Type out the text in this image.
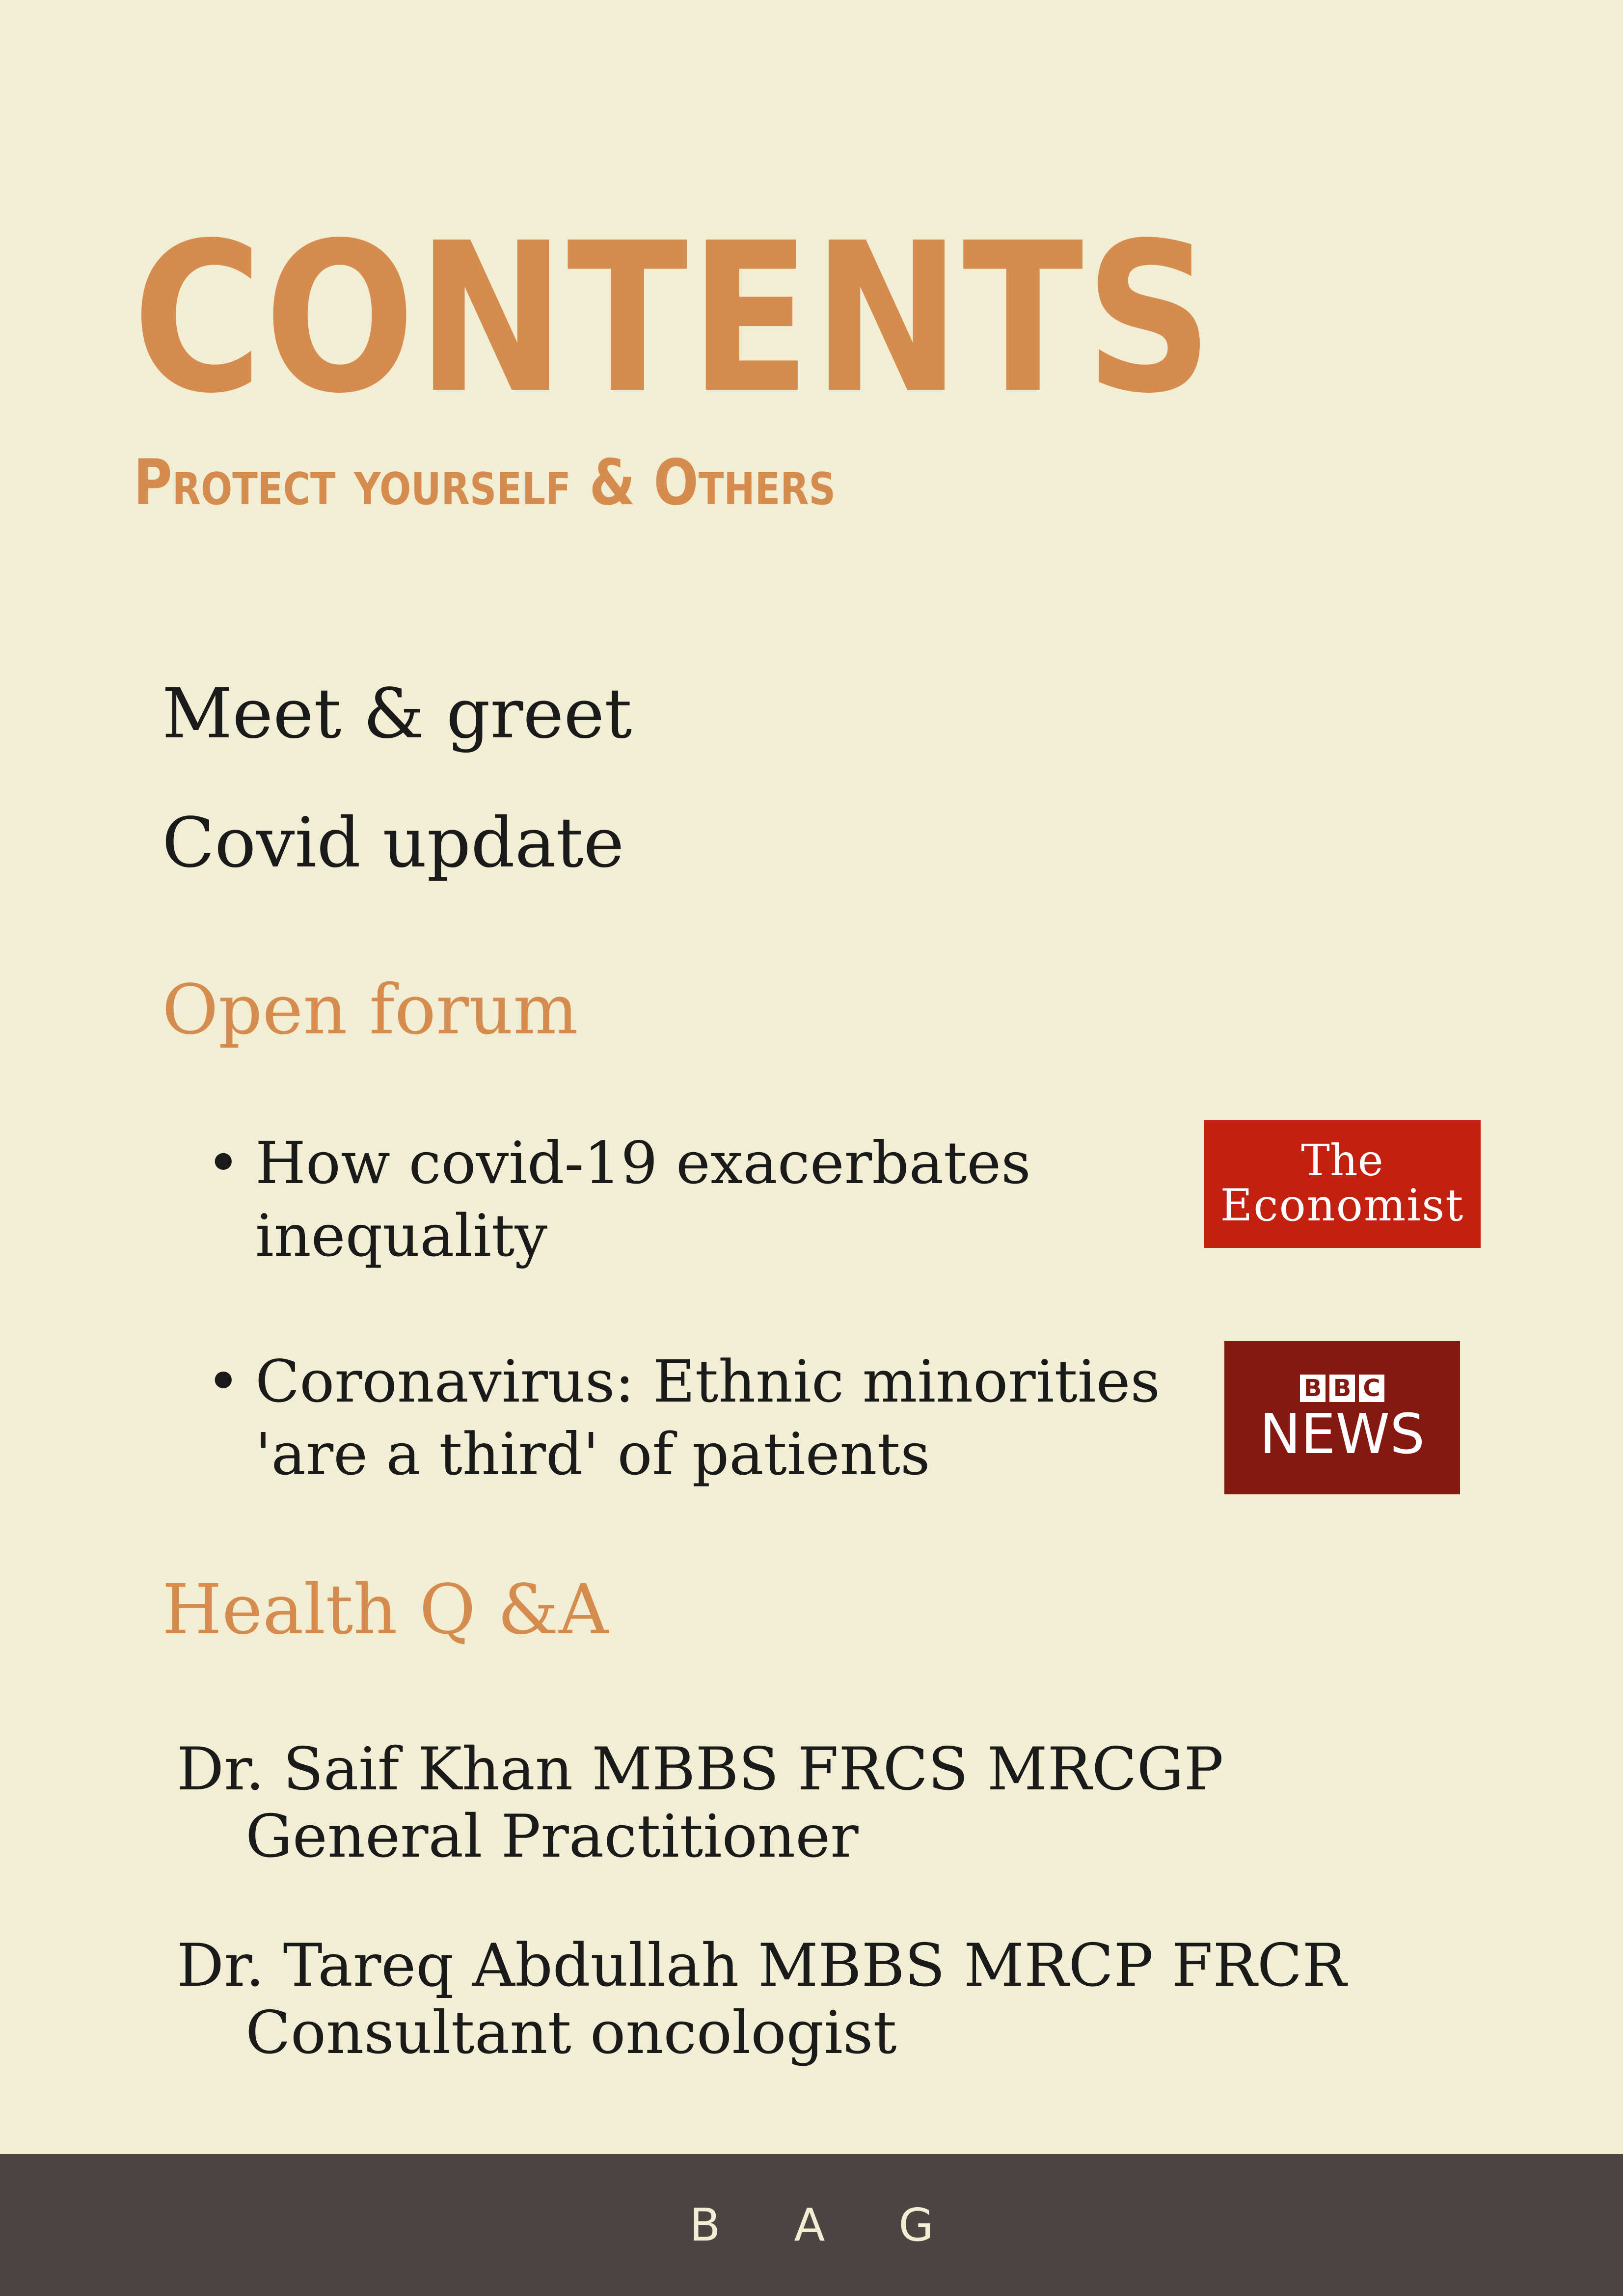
CONTENTS

Protect yourself & Others

Meet & greet

Covid update

Open forum
• How covid-19 exacerbates inequality
The
Economist
• Coronavirus: Ethnic minorities 'are a third' of patients
B B C
NEWS
Health Q &A

Dr. Saif Khan MBBS FRCS MRCGP

General Practitioner

Dr. Tareq Abdullah MBBS MRCP FRCR

Consultant oncologist

B A G
